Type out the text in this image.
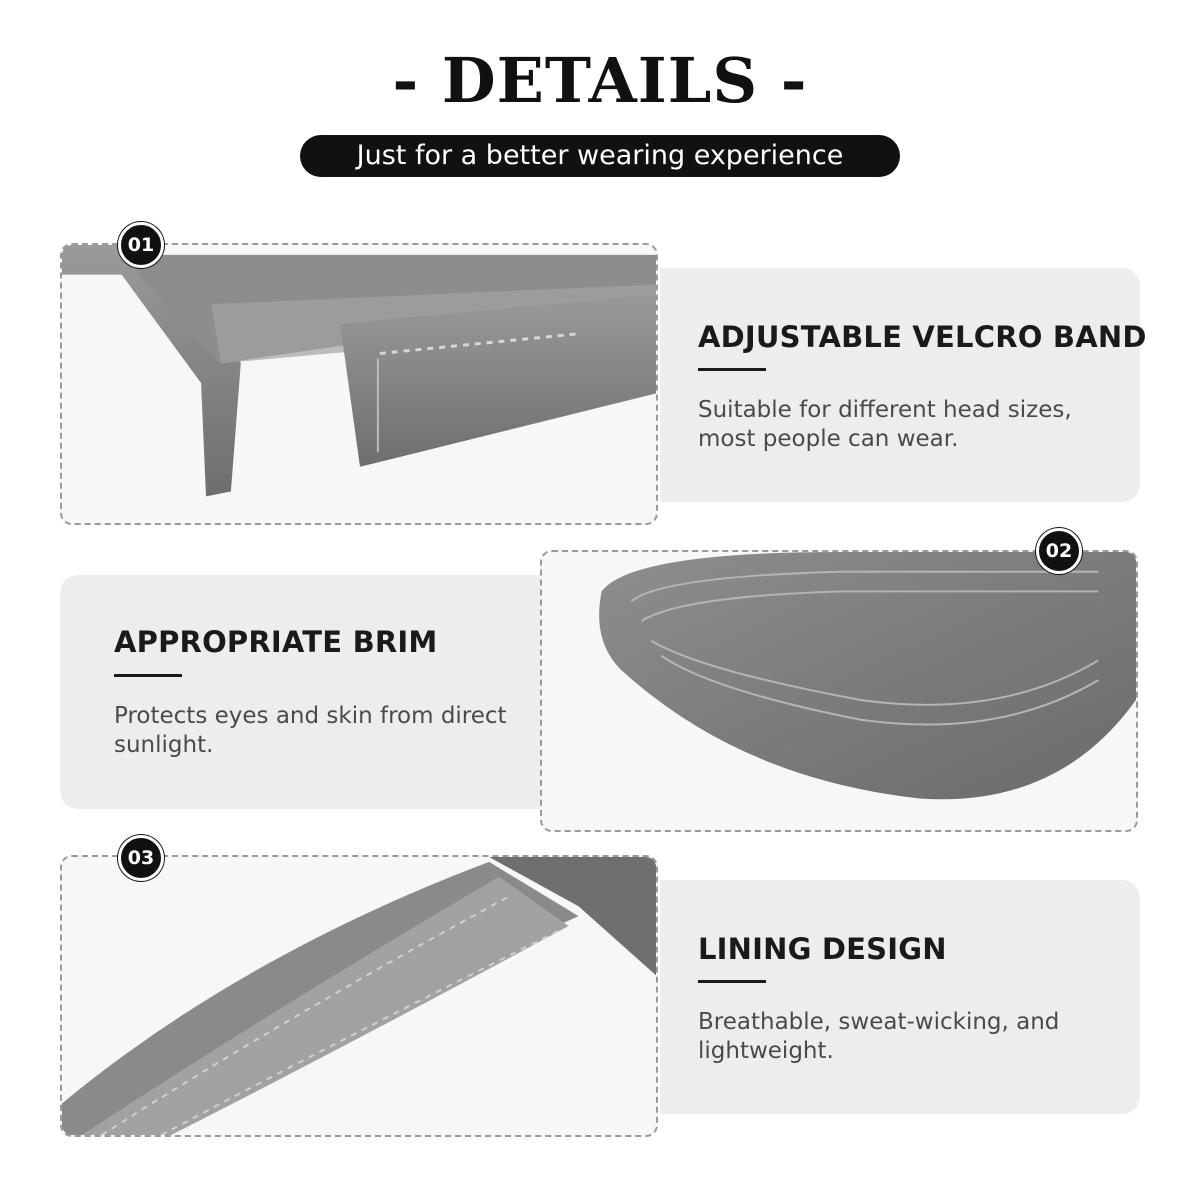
- DETAILS -
Just for a better wearing experience
01
ADJUSTABLE VELCRO BAND
Suitable for different head sizes, most people can wear.
APPROPRIATE BRIM
Protects eyes and skin from direct sunlight.
02
03
LINING DESIGN
Breathable, sweat-wicking, and lightweight.
